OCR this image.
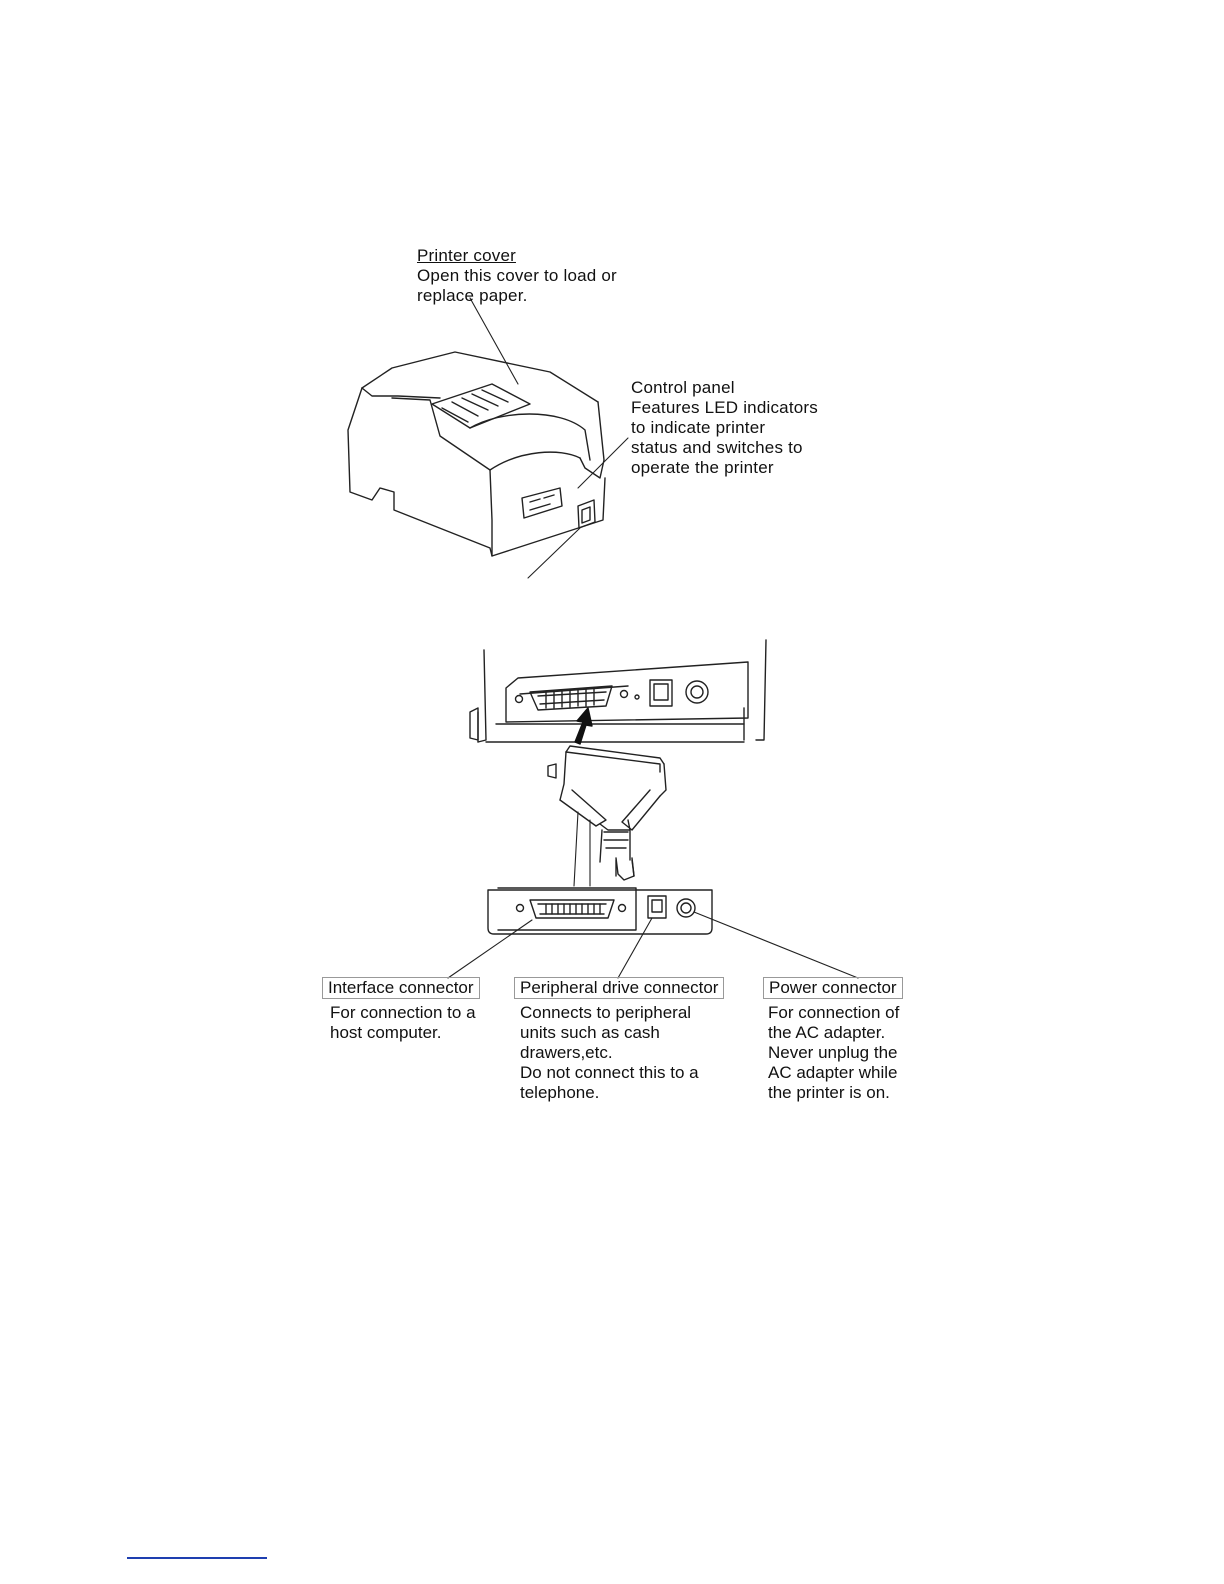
Printer cover
Open this cover to load or
replace paper.
Control panel
Features LED indicators
to indicate printer
status and switches to
operate the printer
Interface connector	Peripheral drive connector	Power connector
For connection to a
host computer.
Connects to peripheral
units such as cash
drawers,etc.
Do not connect this to a
telephone.
For connection of
the AC adapter.
Never unplug the
AC adapter while
the printer is on.
